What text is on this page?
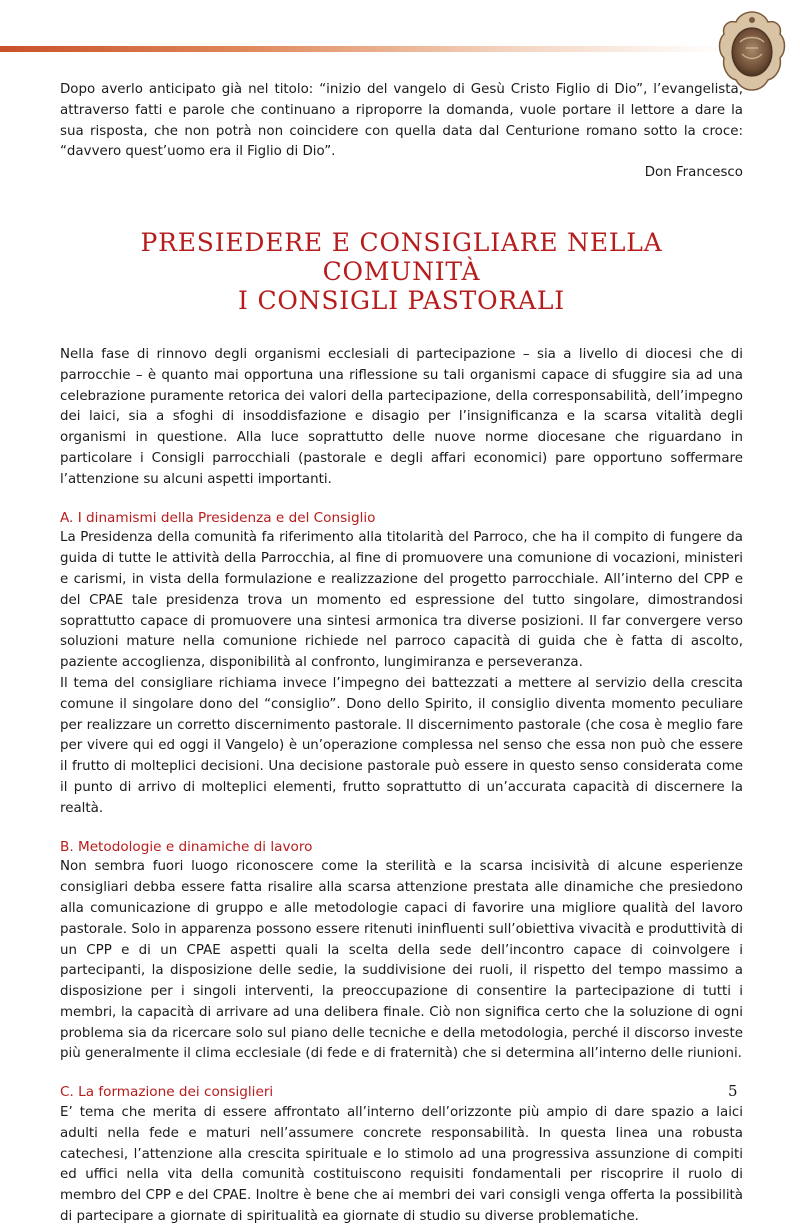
Dopo averlo anticipato già nel titolo: “inizio del vangelo di Gesù Cristo Figlio di Dio”, l’evangelista, attraverso fatti e parole che continuano a riproporre la domanda, vuole portare il lettore a dare la sua risposta, che non potrà non coincidere con quella data dal Centurione romano sotto la croce: “davvero quest’uomo era il Figlio di Dio”.

Don Francesco

PRESIEDERE E CONSIGLIARE NELLA COMUNITÀ
I CONSIGLI PASTORALI

Nella fase di rinnovo degli organismi ecclesiali di partecipazione – sia a livello di diocesi che di parrocchie – è quanto mai opportuna una riflessione su tali organismi capace di sfuggire sia ad una celebrazione puramente retorica dei valori della partecipazione, della corresponsabilità, dell’impegno dei laici, sia a sfoghi di insoddisfazione e disagio per l’insignificanza e la scarsa vitalità degli organismi in questione. Alla luce soprattutto delle nuove norme diocesane che riguardano in particolare i Consigli parrocchiali (pastorale e degli affari economici) pare opportuno soffermare l’attenzione su alcuni aspetti importanti.

A. I dinamismi della Presidenza e del Consiglio

La Presidenza della comunità fa riferimento alla titolarità del Parroco, che ha il compito di fungere da guida di tutte le attività della Parrocchia, al fine di promuovere una comunione di vocazioni, ministeri e carismi, in vista della formulazione e realizzazione del progetto parrocchiale. All’interno del CPP e del CPAE tale presidenza trova un momento ed espressione del tutto singolare, dimostrandosi soprattutto capace di promuovere una sintesi armonica tra diverse posizioni. Il far convergere verso soluzioni mature nella comunione richiede nel parroco capacità di guida che è fatta di ascolto, paziente accoglienza, disponibilità al confronto, lungimiranza e perseveranza.

Il tema del consigliare richiama invece l’impegno dei battezzati a mettere al servizio della crescita comune il singolare dono del “consiglio”. Dono dello Spirito, il consiglio diventa momento peculiare per realizzare un corretto discernimento pastorale. Il discernimento pastorale (che cosa è meglio fare per vivere qui ed oggi il Vangelo) è un’operazione complessa nel senso che essa non può che essere il frutto di molteplici decisioni. Una decisione pastorale può essere in questo senso considerata come il punto di arrivo di molteplici elementi, frutto soprattutto di un’accurata capacità di discernere la realtà.

B. Metodologie e dinamiche di lavoro

Non sembra fuori luogo riconoscere come la sterilità e la scarsa incisività di alcune esperienze consigliari debba essere fatta risalire alla scarsa attenzione prestata alle dinamiche che presiedono alla comunicazione di gruppo e alle metodologie capaci di favorire una migliore qualità del lavoro pastorale. Solo in apparenza possono essere ritenuti ininfluenti sull’obiettiva vivacità e produttività di un CPP e di un CPAE aspetti quali la scelta della sede dell’incontro capace di coinvolgere i partecipanti, la disposizione delle sedie, la suddivisione dei ruoli, il rispetto del tempo massimo a disposizione per i singoli interventi, la preoccupazione di consentire la partecipazione di tutti i membri, la capacità di arrivare ad una delibera finale. Ciò non significa certo che la soluzione di ogni problema sia da ricercare solo sul piano delle tecniche e della metodologia, perché il discorso investe più generalmente il clima ecclesiale (di fede e di fraternità) che si determina all’interno delle riunioni.

C. La formazione dei consiglieri

E’ tema che merita di essere affrontato all’interno dell’orizzonte più ampio di dare spazio a laici adulti nella fede e maturi nell’assumere concrete responsabilità. In questa linea una robusta catechesi, l’attenzione alla crescita spirituale e lo stimolo ad una progressiva assunzione di compiti ed uffici nella vita della comunità costituiscono requisiti fondamentali per riscoprire il ruolo di membro del CPP e del CPAE. Inoltre è bene che ai membri dei vari consigli venga offerta la possibilità di partecipare a giornate di spiritualità ea giornate di studio su diverse problematiche.

5
